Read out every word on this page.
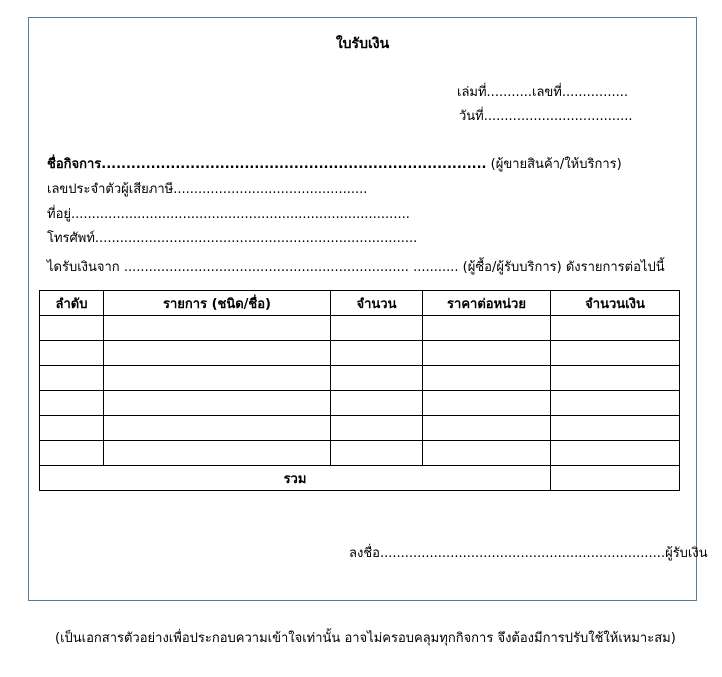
ใบรับเงิน
เล่มที่...........เลขที่................
วันที่....................................
ชื่อกิจการ.............................................................................. (ผู้ขายสินค้า/ให้บริการ)
เลขประจำตัวผู้เสียภาษี...............................................
ที่อยู่..................................................................................
โทรศัพท์..............................................................................
ไดรับเงินจาก ..................................................................... ........... (ผู้ซื้อ/ผู้รับบริการ) ดังรายการต่อไปนี้
ลำดับ	รายการ (ชนิด/ชื่อ)	จำนวน	ราคาต่อหน่วย	จำนวนเงิน

รวม				
ลงชื่อ.....................................................................ผู้รับเงิน
(เป็นเอกสารตัวอย่างเพื่อประกอบความเข้าใจเท่านั้น อาจไม่ครอบคลุมทุกกิจการ จึงต้องมีการปรับใช้ให้เหมาะสม)
